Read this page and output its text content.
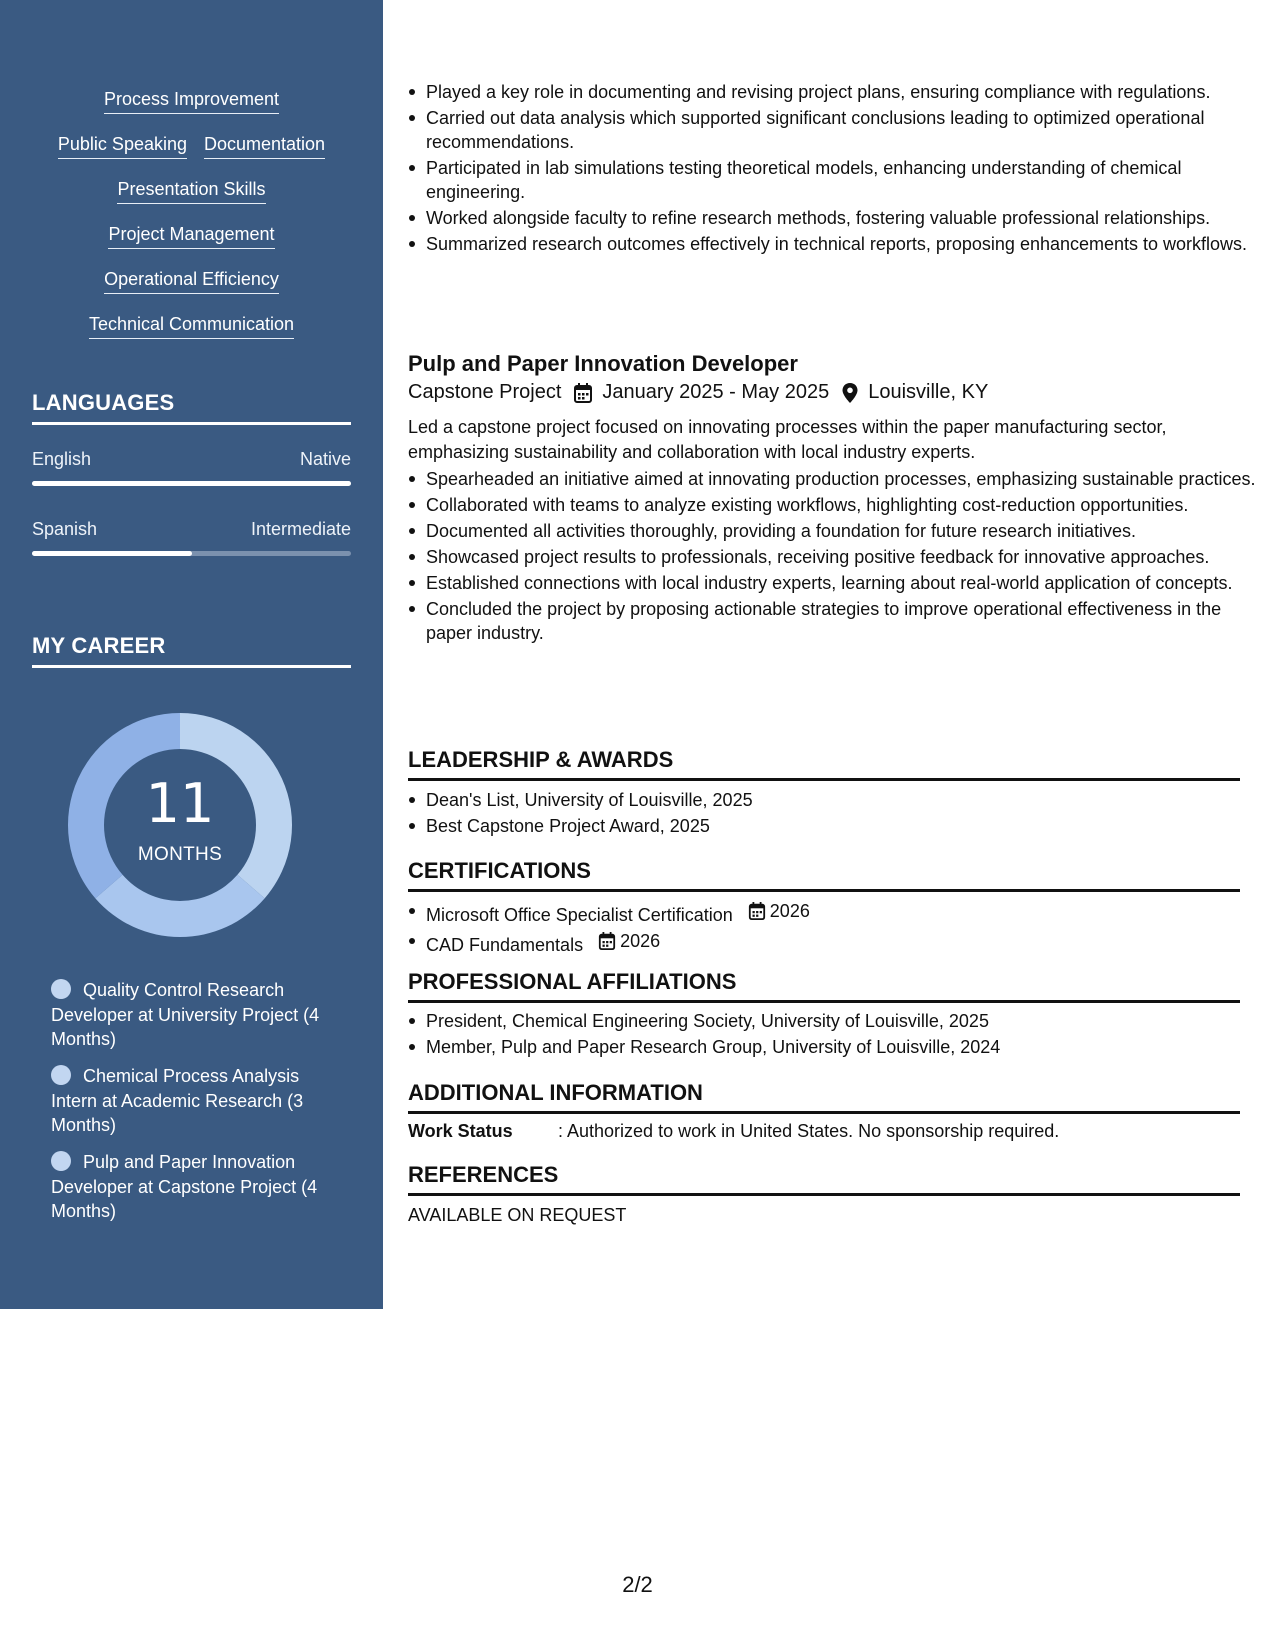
Process Improvement
Public Speaking Documentation
Presentation Skills
Project Management
Operational Efficiency
Technical Communication
LANGUAGES
English	Native
Spanish	Intermediate
MY CAREER
11
MONTHS
Quality Control Research Developer at University Project (4 Months)
Chemical Process Analysis Intern at Academic Research (3 Months)
Pulp and Paper Innovation Developer at Capstone Project (4 Months)
Played a key role in documenting and revising project plans, ensuring compliance with regulations.
Carried out data analysis which supported significant conclusions leading to optimized operational recommendations.
Participated in lab simulations testing theoretical models, enhancing understanding of chemical engineering.
Worked alongside faculty to refine research methods, fostering valuable professional relationships.
Summarized research outcomes effectively in technical reports, proposing enhancements to workflows.
Pulp and Paper Innovation Developer
Capstone Project January 2025 - May 2025 Louisville, KY
Led a capstone project focused on innovating processes within the paper manufacturing sector, emphasizing sustainability and collaboration with local industry experts.
Spearheaded an initiative aimed at innovating production processes, emphasizing sustainable practices.
Collaborated with teams to analyze existing workflows, highlighting cost-reduction opportunities.
Documented all activities thoroughly, providing a foundation for future research initiatives.
Showcased project results to professionals, receiving positive feedback for innovative approaches.
Established connections with local industry experts, learning about real-world application of concepts.
Concluded the project by proposing actionable strategies to improve operational effectiveness in the paper industry.
LEADERSHIP & AWARDS
Dean's List, University of Louisville, 2025
Best Capstone Project Award, 2025
CERTIFICATIONS
Microsoft Office Specialist Certification 2026
CAD Fundamentals 2026
PROFESSIONAL AFFILIATIONS
President, Chemical Engineering Society, University of Louisville, 2025
Member, Pulp and Paper Research Group, University of Louisville, 2024
ADDITIONAL INFORMATION
Work Status	: Authorized to work in United States. No sponsorship required.
REFERENCES
AVAILABLE ON REQUEST
2/2
